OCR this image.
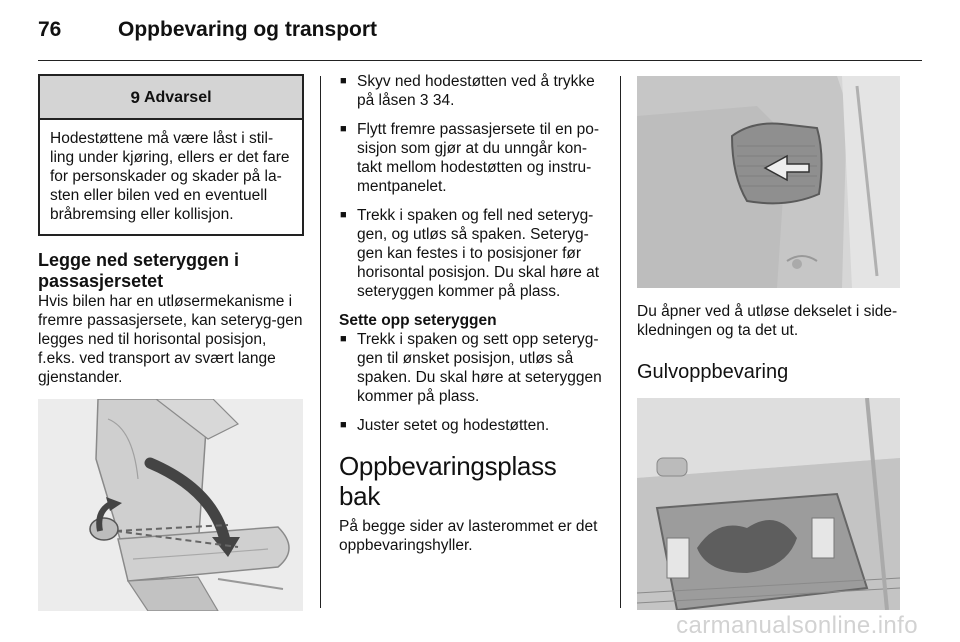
76	Oppbevaring og transport
9 Advarsel
Hodestøttene må være låst i stil-ling under kjøring, ellers er det fare for personskader og skader på la-sten eller bilen ved en eventuell bråbremsing eller kollisjon.
Legge ned seteryggen i passasjersetet

Hvis bilen har en utløsermekanisme i fremre passasjersete, kan seteryg-gen legges ned til horisontal posisjon, f.eks. ved transport av svært lange gjenstander.

■ Skyv ned hodestøtten ved å trykke på låsen 3 34.
■ Flytt fremre passasjersete til en po-sisjon som gjør at du unngår kon-takt mellom hodestøtten og instru-mentpanelet.
■ Trekk i spaken og fell ned seteryg-gen, og utløs så spaken. Seteryg-gen kan festes i to posisjoner før horisontal posisjon. Du skal høre at seteryggen kommer på plass.
Sette opp seteryggen
■ Trekk i spaken og sett opp seteryg-gen til ønsket posisjon, utløs så spaken. Du skal høre at seteryggen kommer på plass.
■ Juster setet og hodestøtten.
Oppbevaringsplass bak

På begge sider av lasterommet er det oppbevaringshyller.

Du åpner ved å utløse dekselet i side-kledningen og ta det ut.

Gulvoppbevaring
carmanualsonline.info
